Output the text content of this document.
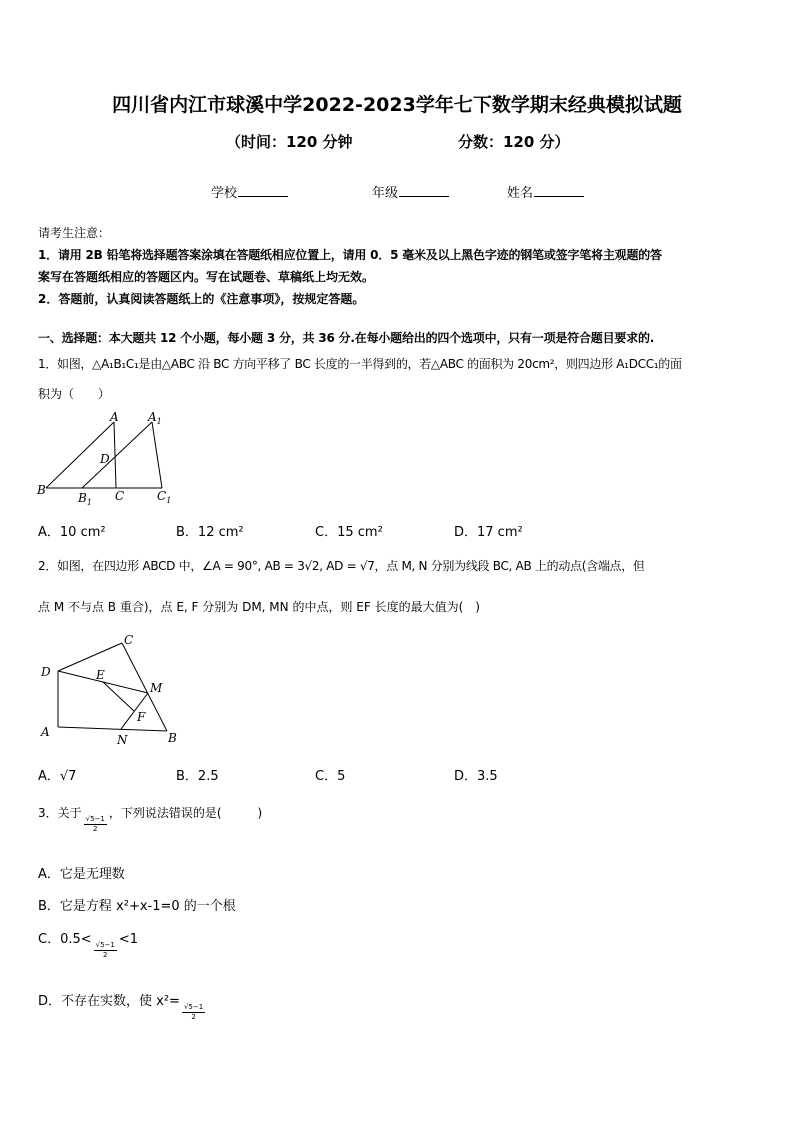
四川省内江市球溪中学2022-2023学年七下数学期末经典模拟试题
（时间：120 分钟	分数：120 分）
学校	年级	姓名
请考生注意：
1．请用 2B 铅笔将选择题答案涂填在答题纸相应位置上，请用 0．5 毫米及以上黑色字迹的钢笔或签字笔将主观题的答
案写在答题纸相应的答题区内。写在试题卷、草稿纸上均无效。
2．答题前，认真阅读答题纸上的《注意事项》，按规定答题。
一、选择题：本大题共 12 个小题，每小题 3 分，共 36 分.在每小题给出的四个选项中，只有一项是符合题目要求的.
1．如图，△A₁B₁C₁是由△ABC 沿 BC 方向平移了 BC 长度的一半得到的，若△ABC 的面积为 20cm²，则四边形 A₁DCC₁的面
积为（　　）
A $A_1$
D
B
$B_1$ C	$C_1$
A．10 cm²	B．12 cm²	C．15 cm²	D．17 cm²
2．如图，在四边形 ABCD 中，∠A = 90°, AB = 3√2, AD = √7，点 M, N 分别为线段 BC, AB 上的动点(含端点，但
点 M 不与点 B 重合)，点 E, F 分别为 DM, MN 的中点，则 EF 长度的最大值为(　)
C
D	E
M
F
A
N	B
A．√7	B．2.5	C．5	D．3.5
3．关于
$\frac{√5-1}{2}$
，下列说法错误的是(　　　)
A．它是无理数
B．它是方程 x²+x-1=0 的一个根
C．0.5<
$\frac{√5-1}{2}$
<1
D．不存在实数，使 x²=
$\frac{√5-1}{2}$
